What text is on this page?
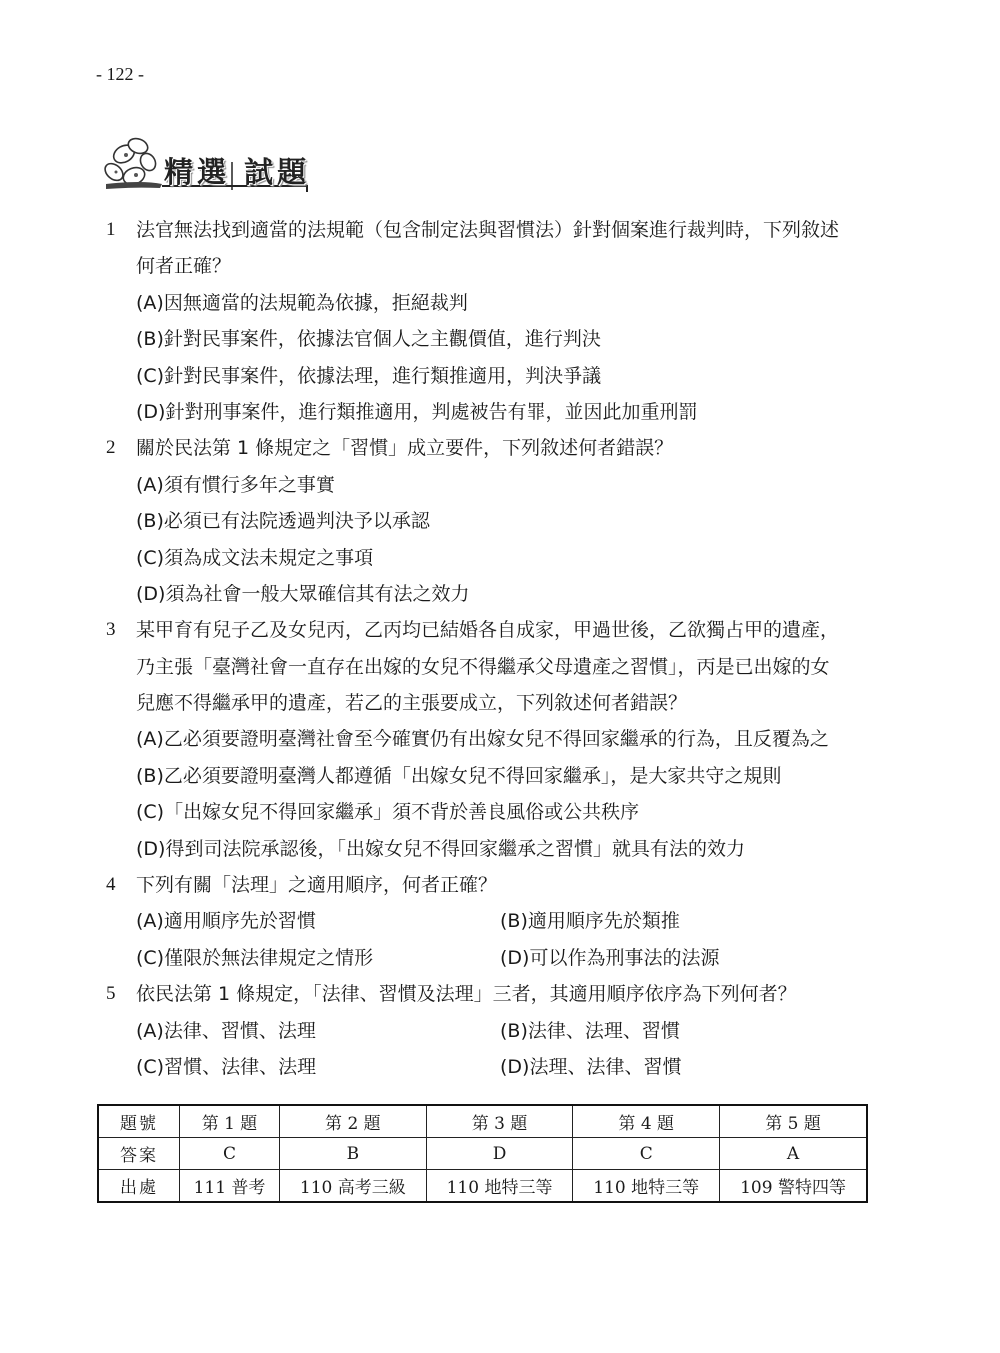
- 122 -
精選 試題
1	法官無法找到適當的法規範（包含制定法與習慣法）針對個案進行裁判時，下列敘述
何者正確？
(A)因無適當的法規範為依據，拒絕裁判
(B)針對民事案件，依據法官個人之主觀價值，進行判決
(C)針對民事案件，依據法理，進行類推適用，判決爭議
(D)針對刑事案件，進行類推適用，判處被告有罪，並因此加重刑罰
2	關於民法第 1 條規定之「習慣」成立要件，下列敘述何者錯誤？
(A)須有慣行多年之事實
(B)必須已有法院透過判決予以承認
(C)須為成文法未規定之事項
(D)須為社會一般大眾確信其有法之效力
3	某甲育有兒子乙及女兒丙，乙丙均已結婚各自成家，甲過世後，乙欲獨占甲的遺產，
乃主張「臺灣社會一直存在出嫁的女兒不得繼承父母遺產之習慣」，丙是已出嫁的女
兒應不得繼承甲的遺產，若乙的主張要成立，下列敘述何者錯誤？
(A)乙必須要證明臺灣社會至今確實仍有出嫁女兒不得回家繼承的行為，且反覆為之
(B)乙必須要證明臺灣人都遵循「出嫁女兒不得回家繼承」，是大家共守之規則
(C)「出嫁女兒不得回家繼承」須不背於善良風俗或公共秩序
(D)得到司法院承認後，「出嫁女兒不得回家繼承之習慣」就具有法的效力
4	下列有關「法理」之適用順序，何者正確？
(A)適用順序先於習慣	(B)適用順序先於類推
(C)僅限於無法律規定之情形	(D)可以作為刑事法的法源
5	依民法第 1 條規定，「法律、習慣及法理」三者，其適用順序依序為下列何者？
(A)法律、習慣、法理	(B)法律、法理、習慣
(C)習慣、法律、法理	(D)法理、法律、習慣
題號	第 1 題	第 2 題	第 3 題	第 4 題	第 5 題
答案	C	B	D	C	A
出處	111 普考	110 高考三級	110 地特三等	110 地特三等	109 警特四等
